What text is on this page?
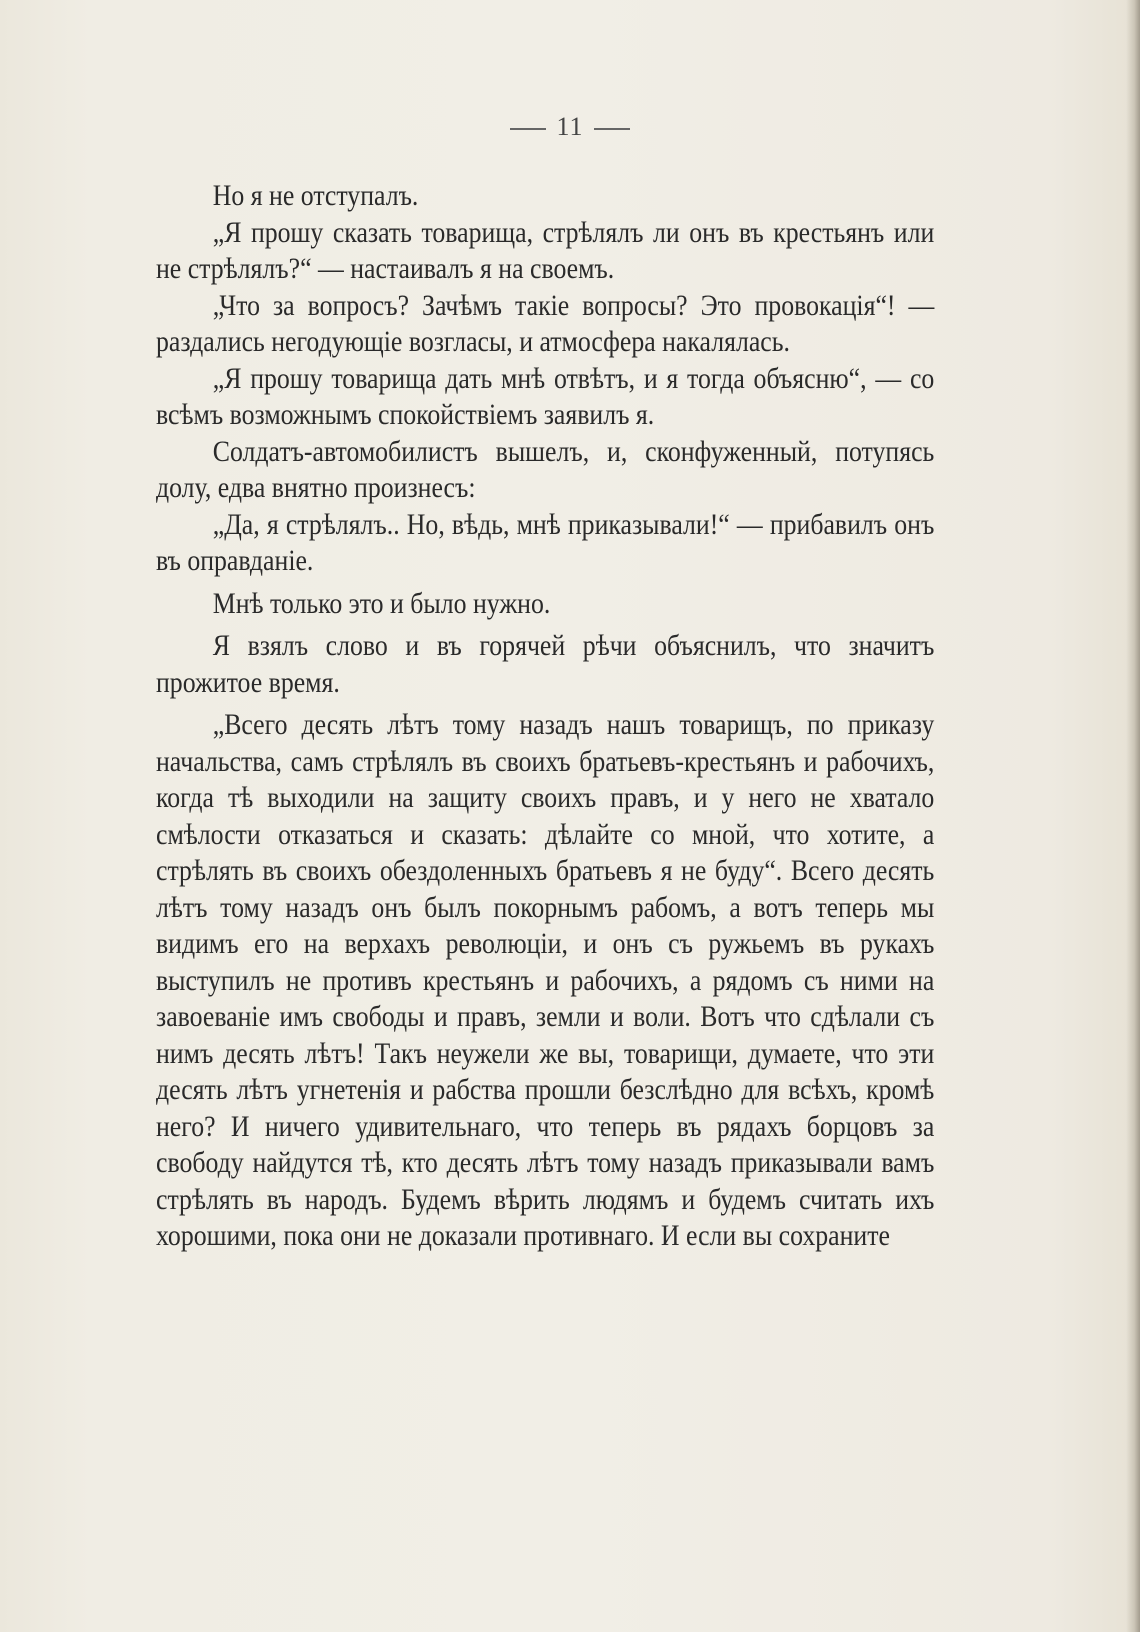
11

Но я не отступалъ.

„Я прошу сказать товарища, стрѣлялъ ли онъ въ крестьянъ или не стрѣлялъ?“ — настаивалъ я на своемъ.

„Что за вопросъ? Зачѣмъ такіе вопросы? Это провокація“! — раздались негодующіе возгласы, и атмосфера накалялась.

„Я прошу товарища дать мнѣ отвѣтъ, и я тогда объясню“, — со всѣмъ возможнымъ спокойствіемъ заявилъ я.

Солдатъ-автомобилистъ вышелъ, и, сконфуженный, потупясь долу, едва внятно произнесъ:

„Да, я стрѣлялъ.. Но, вѣдь, мнѣ приказывали!“ — прибавилъ онъ въ оправданіе.

Мнѣ только это и было нужно.

Я взялъ слово и въ горячей рѣчи объяснилъ, что значитъ прожитое время.

„Всего десять лѣтъ тому назадъ нашъ товарищъ, по приказу начальства, самъ стрѣлялъ въ своихъ братьевъ-крестьянъ и рабочихъ, когда тѣ выходили на защиту своихъ правъ, и у него не хватало смѣлости отказаться и сказать: дѣлайте со мной, что хотите, а стрѣлять въ своихъ обездоленныхъ братьевъ я не буду“. Всего десять лѣтъ тому назадъ онъ былъ покорнымъ рабомъ, а вотъ теперь мы видимъ его на верхахъ революціи, и онъ съ ружьемъ въ рукахъ выступилъ не противъ крестьянъ и рабочихъ, а рядомъ съ ними на завоеваніе имъ свободы и правъ, земли и воли. Вотъ что сдѣлали съ нимъ десять лѣтъ! Такъ неужели же вы, товарищи, думаете, что эти десять лѣтъ угнетенія и рабства прошли безслѣдно для всѣхъ, кромѣ него? И ничего удивительнаго, что теперь въ рядахъ борцовъ за свободу найдутся тѣ, кто десять лѣтъ тому назадъ приказывали вамъ стрѣлять въ народъ. Будемъ вѣрить людямъ и будемъ считать ихъ хорошими, пока они не доказали противнаго. И если вы сохраните
